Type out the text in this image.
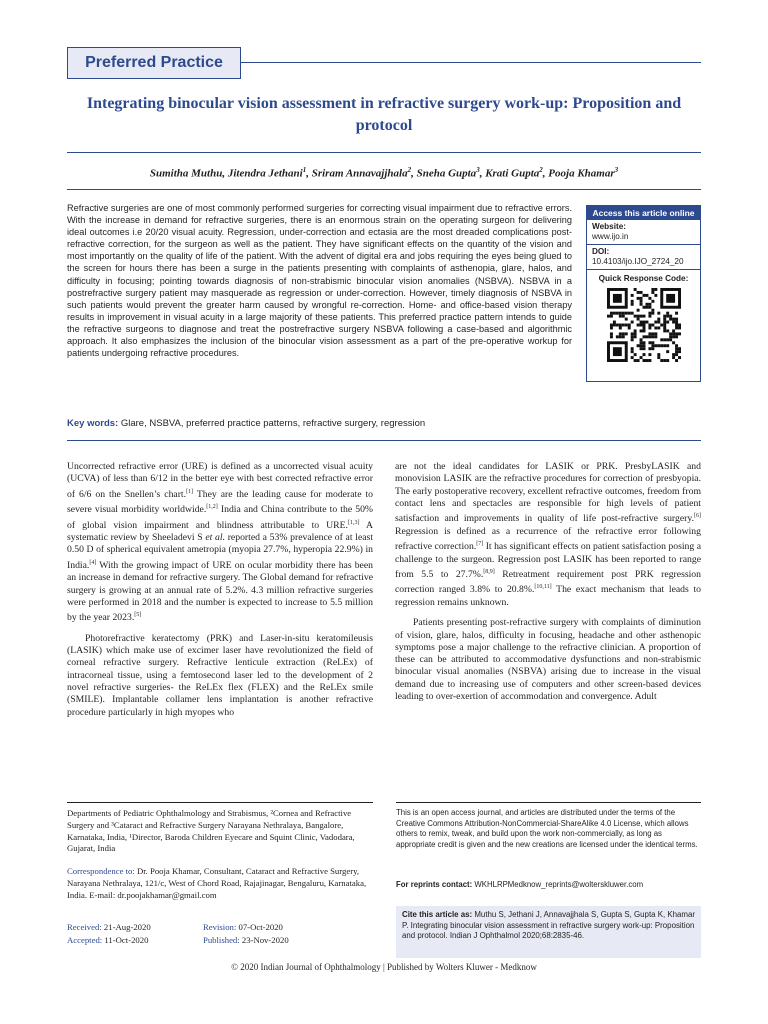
Preferred Practice
Integrating binocular vision assessment in refractive surgery work-up: Proposition and protocol
Sumitha Muthu, Jitendra Jethani$^1$, Sriram Annavajjhala$^2$, Sneha Gupta$^3$, Krati Gupta$^2$, Pooja Khamar$^3$

Refractive surgeries are one of most commonly performed surgeries for correcting visual impairment due to refractive errors. With the increase in demand for refractive surgeries, there is an enormous strain on the operating surgeon for delivering ideal outcomes i.e 20/20 visual acuity. Regression, under-correction and ectasia are the most dreaded complications post-refractive correction, for the surgeon as well as the patient. They have significant effects on the quantity of the vision and most importantly on the quality of life of the patient. With the advent of digital era and jobs requiring the eyes being glued to the screen for hours there has been a surge in the patients presenting with complaints of asthenopia, glare, halos, and difficulty in focusing; pointing towards diagnosis of non-strabismic binocular vision anomalies (NSBVA). NSBVA in a postrefractive surgery patient may masquerade as regression or under-correction. However, timely diagnosis of NSBVA in such patients would prevent the greater harm caused by wrongful re-correction. Home- and office-based vision therapy results in improvement in visual acuity in a large majority of these patients. This preferred practice pattern intends to guide the refractive surgeons to diagnose and treat the postrefractive surgery NSBVA following a case-based and algorithmic approach. It also emphasizes the inclusion of the binocular vision assessment as a part of the pre-operative workup for patients undergoing refractive procedures.

Access this article online
Website:
www.ijo.in
DOI:
10.4103/ijo.IJO_2724_20
Quick Response Code:
Key words: Glare, NSBVA, preferred practice patterns, refractive surgery, regression

Uncorrected refractive error (URE) is defined as a uncorrected visual acuity (UCVA) of less than 6/12 in the better eye with best corrected refractive error of 6/6 on the Snellen’s chart.[1] They are the leading cause for moderate to severe visual morbidity worldwide.[1,2] India and China contribute to the 50% of global vision impairment and blindness attributable to URE.[1,3] A systematic review by Sheeladevi S et al. reported a 53% prevalence of at least 0.50 D of spherical equivalent ametropia (myopia 27.7%, hyperopia 22.9%) in India.[4] With the growing impact of URE on ocular morbidity there has been an increase in demand for refractive surgery. The Global demand for refractive surgery is growing at an annual rate of 5.2%. 4.3 million refractive surgeries were performed in 2018 and the number is expected to increase to 5.5 million by the year 2023.[5]

Photorefractive keratectomy (PRK) and Laser-in-situ keratomileusis (LASIK) which make use of excimer laser have revolutionized the field of corneal refractive surgery. Refractive lenticule extraction (ReLEx) of intracorneal tissue, using a femtosecond laser led to the development of 2 novel refractive surgeries- the ReLEx flex (FLEX) and the ReLEx smile (SMILE). Implantable collamer lens implantation is another refractive procedure particularly in high myopes who

are not the ideal candidates for LASIK or PRK. PresbyLASIK and monovision LASIK are the refractive procedures for correction of presbyopia. The early postoperative recovery, excellent refractive outcomes, freedom from contact lens and spectacles are responsible for high levels of patient satisfaction and improvements in quality of life post-refractive surgery.[6] Regression is defined as a recurrence of the refractive error following refractive correction.[7] It has significant effects on patient satisfaction posing a challenge to the surgeon. Regression post LASIK has been reported to range from 5.5 to 27.7%.[8,9] Retreatment requirement post PRK regression correction ranged 3.8% to 20.8%.[10,11] The exact mechanism that leads to regression remains unknown.

Patients presenting post-refractive surgery with complaints of diminution of vision, glare, halos, difficulty in focusing, headache and other asthenopic symptoms pose a major challenge to the refractive clinician. A proportion of these can be attributed to accommodative dysfunctions and non-strabismic binocular visual anomalies (NSBVA) arising due to increase in the visual demand due to increasing use of computers and other screen-based devices leading to over-exertion of accommodation and convergence. Adult

Departments of Pediatric Ophthalmology and Strabismus, ²Cornea and Refractive Surgery and ³Cataract and Refractive Surgery Narayana Nethralaya, Bangalore, Karnataka, India, ¹Director, Baroda Children Eyecare and Squint Clinic, Vadodara, Gujarat, India
Correspondence to: Dr. Pooja Khamar, Consultant, Cataract and Refractive Surgery, Narayana Nethralaya, 121/c, West of Chord Road, Rajajinagar, Bengaluru, Karnataka, India. E-mail: dr.poojakhamar@gmail.com
Received: 21-Aug-2020	Revision: 07-Oct-2020
Accepted: 11-Oct-2020	Published: 23-Nov-2020
This is an open access journal, and articles are distributed under the terms of the Creative Commons Attribution-NonCommercial-ShareAlike 4.0 License, which allows others to remix, tweak, and build upon the work non-commercially, as long as appropriate credit is given and the new creations are licensed under the identical terms.
For reprints contact: WKHLRPMedknow_reprints@wolterskluwer.com
Cite this article as: Muthu S, Jethani J, Annavajjhala S, Gupta S, Gupta K, Khamar P. Integrating binocular vision assessment in refractive surgery work-up: Proposition and protocol. Indian J Ophthalmol 2020;68:2835-46.
© 2020 Indian Journal of Ophthalmology | Published by Wolters Kluwer - Medknow
